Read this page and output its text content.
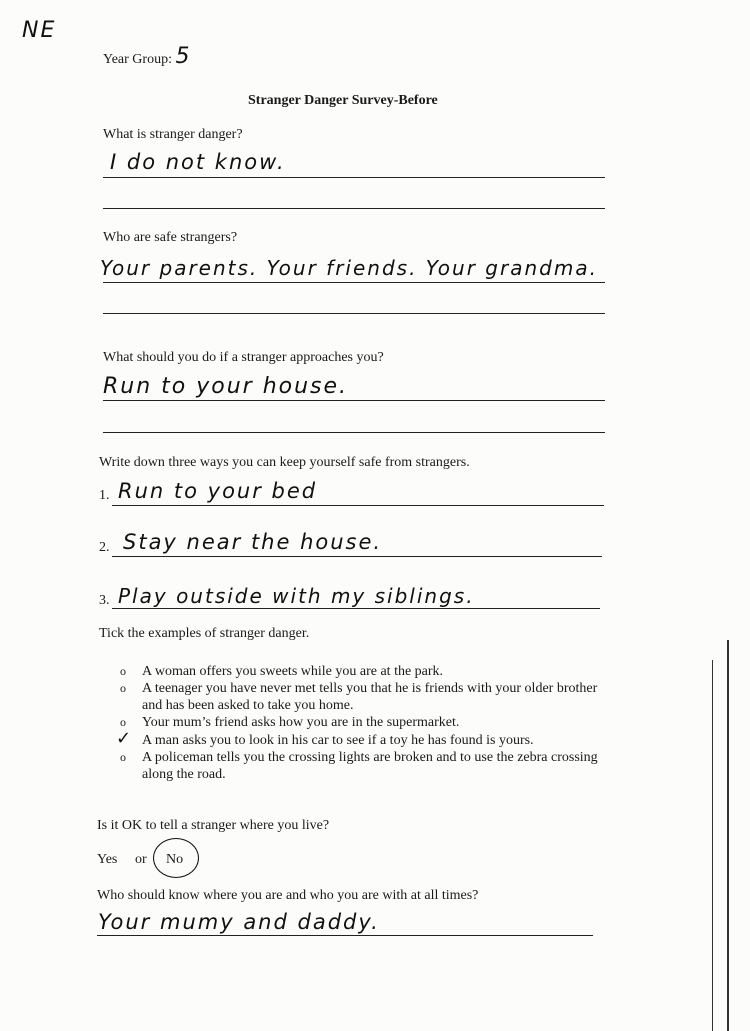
NE
Year Group: 5
Stranger Danger Survey-Before
What is stranger danger?
I do not know.
Who are safe strangers?
Your parents. Your friends. Your grandma.
What should you do if a stranger approaches you?
Run to your house.
Write down three ways you can keep yourself safe from strangers.
1. Run to your bed
2. Stay near the house.
3. Play outside with my siblings.
Tick the examples of stranger danger.
o	A woman offers you sweets while you are at the park.
o	A teenager you have never met tells you that he is friends with your older brother and has been asked to take you home.
o	Your mum’s friend asks how you are in the supermarket.
✓ A man asks you to look in his car to see if a toy he has found is yours.
o	A policeman tells you the crossing lights are broken and to use the zebra crossing along the road.
Is it OK to tell a stranger where you live?
Yes or No
Who should know where you are and who you are with at all times?
Your mumy and daddy.
